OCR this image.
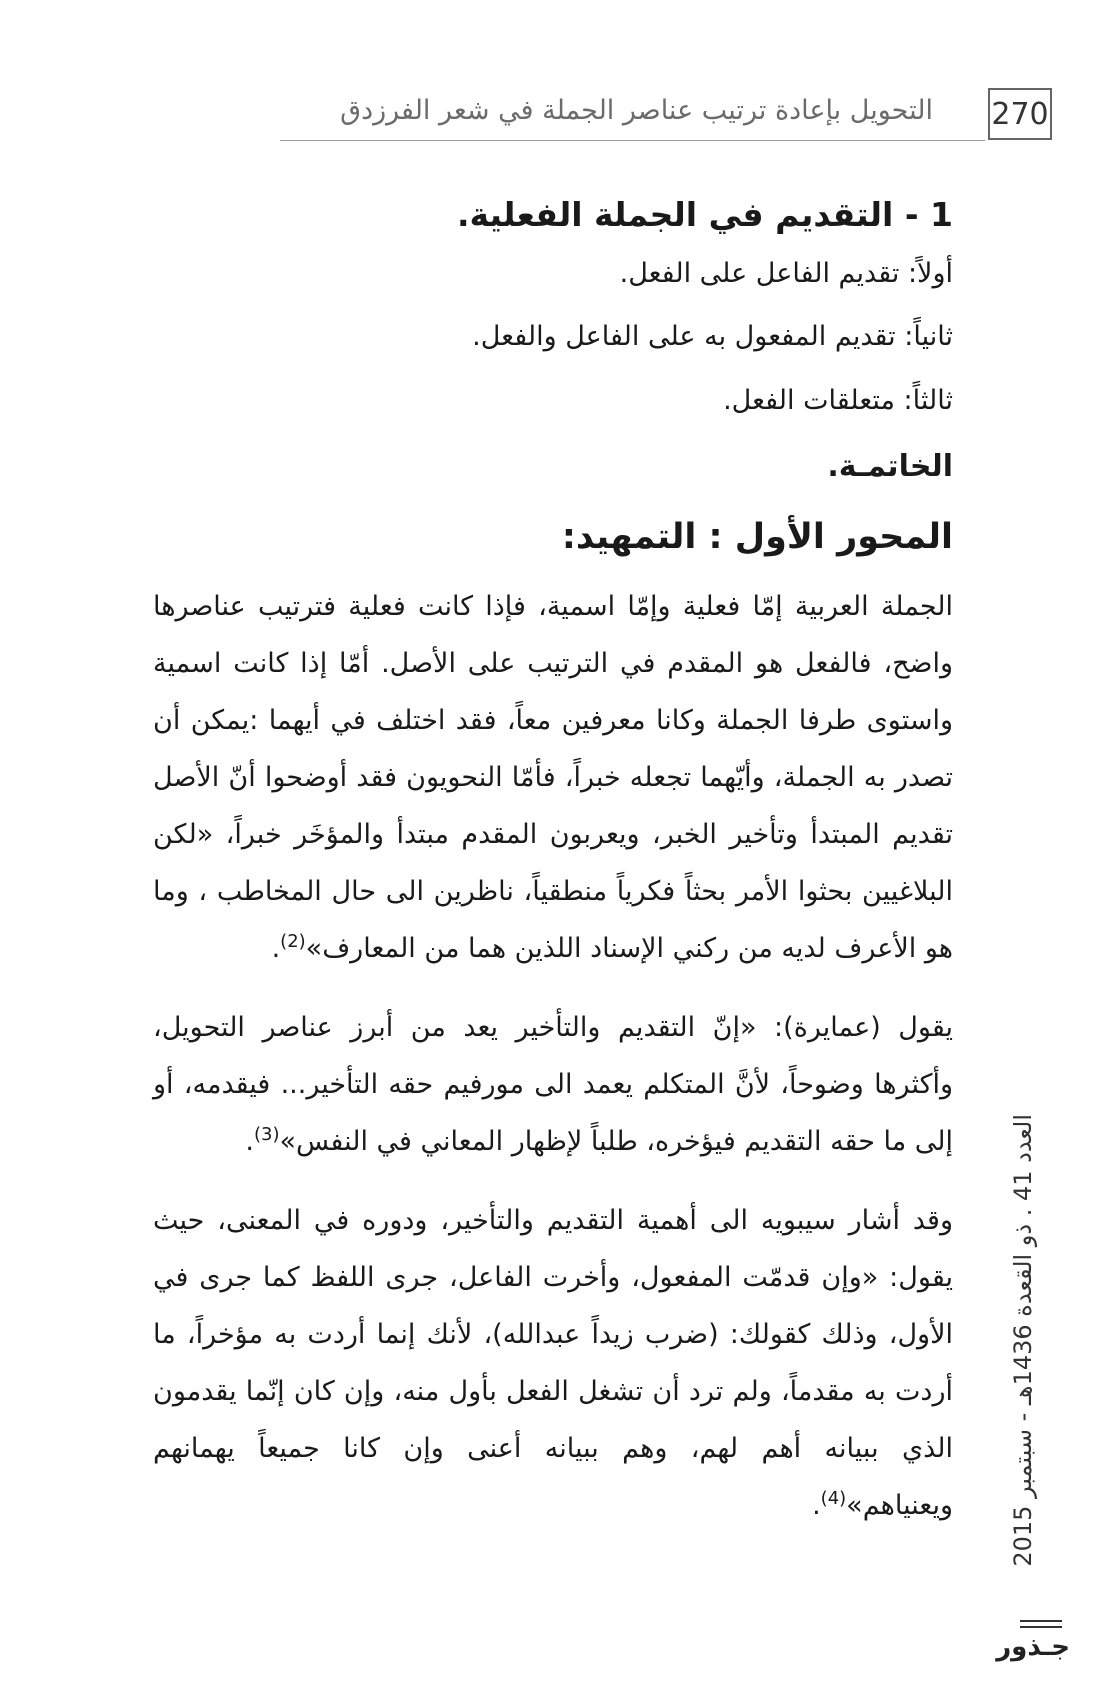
270
التحويل بإعادة ترتيب عناصر الجملة في شعر الفرزدق
1 - التقديم في الجملة الفعلية.
أولاً: تقديم الفاعل على الفعل.
ثانياً: تقديم المفعول به على الفاعل والفعل.
ثالثاً: متعلقات الفعل.
الخاتمـة.
المحور الأول : التمهيد:

الجملة العربية إمّا فعلية وإمّا اسمية، فإذا كانت فعلية فترتيب عناصرها واضح، فالفعل هو المقدم في الترتيب على الأصل. أمّا إذا كانت اسمية واستوى طرفا الجملة وكانا معرفين معاً، فقد اختلف في أيهما :يمكن أن تصدر به الجملة، وأيّهما تجعله خبراً، فأمّا النحويون فقد أوضحوا أنّ الأصل تقديم المبتدأ وتأخير الخبر، ويعربون المقدم مبتدأ والمؤخَر خبراً، «لكن البلاغيين بحثوا الأمر بحثاً فكرياً منطقياً، ناظرين الى حال المخاطب ، وما هو الأعرف لديه من ركني الإسناد اللذين هما من المعارف»$^{(2)}$.

يقول (عمايرة): «إنّ التقديم والتأخير يعد من أبرز عناصر التحويل، وأكثرها وضوحاً، لأنَّ المتكلم يعمد الى مورفيم حقه التأخير... فيقدمه، أو إلى ما حقه التقديم فيؤخره، طلباً لإظهار المعاني في النفس»$^{(3)}$.

وقد أشار سيبويه الى أهمية التقديم والتأخير، ودوره في المعنى، حيث يقول: «وإن قدمّت المفعول، وأخرت الفاعل، جرى اللفظ كما جرى في الأول، وذلك كقولك: (ضرب زيداً عبدالله)، لأنك إنما أردت به مؤخراً، ما أردت به مقدماً، ولم ترد أن تشغل الفعل بأول منه، وإن كان إنّما يقدمون الذي ببيانه أهم لهم، وهم ببيانه أعنى وإن كانا جميعاً يهمانهم ويعنياهم»$^{(4)}$.

العدد 41 . ذو القعدة 1436هـ - سبتمبر 2015
جـذور
